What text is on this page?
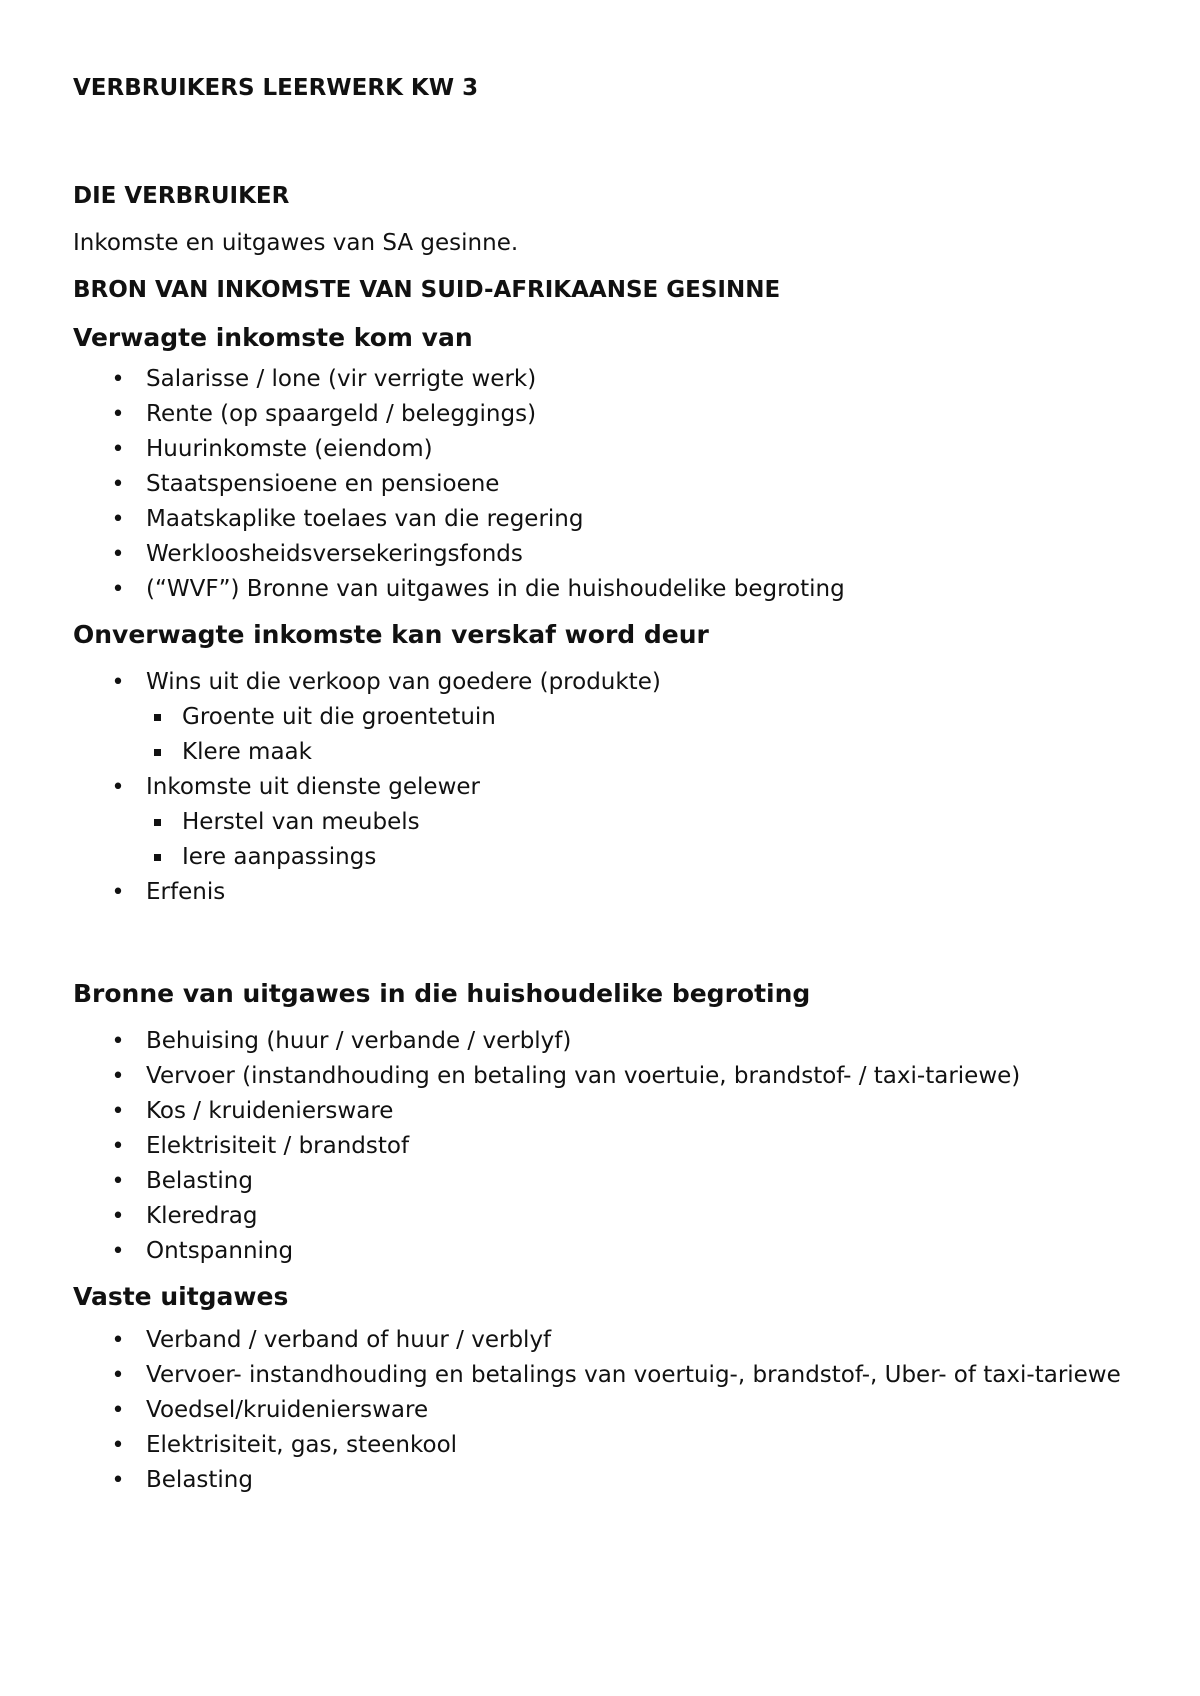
VERBRUIKERS LEERWERK KW 3
DIE VERBRUIKER
Inkomste en uitgawes van SA gesinne.
BRON VAN INKOMSTE VAN SUID-AFRIKAANSE GESINNE
Verwagte inkomste kom van
• Salarisse / lone (vir verrigte werk)
• Rente (op spaargeld / beleggings)
• Huurinkomste (eiendom)
• Staatspensioene en pensioene
• Maatskaplike toelaes van die regering
• Werkloosheidsversekeringsfonds
• (“WVF”) Bronne van uitgawes in die huishoudelike begroting
Onverwagte inkomste kan verskaf word deur
• Wins uit die verkoop van goedere (produkte)
Groente uit die groentetuin
Klere maak
• Inkomste uit dienste gelewer
Herstel van meubels
Iere aanpassings
• Erfenis
Bronne van uitgawes in die huishoudelike begroting
• Behuising (huur / verbande / verblyf)
• Vervoer (instandhouding en betaling van voertuie, brandstof- / taxi-tariewe)
• Kos / kruideniersware
• Elektrisiteit / brandstof
• Belasting
• Kleredrag
• Ontspanning
Vaste uitgawes
• Verband / verband of huur / verblyf
• Vervoer- instandhouding en betalings van voertuig-, brandstof-, Uber- of taxi-tariewe
• Voedsel/kruideniersware
• Elektrisiteit, gas, steenkool
• Belasting
